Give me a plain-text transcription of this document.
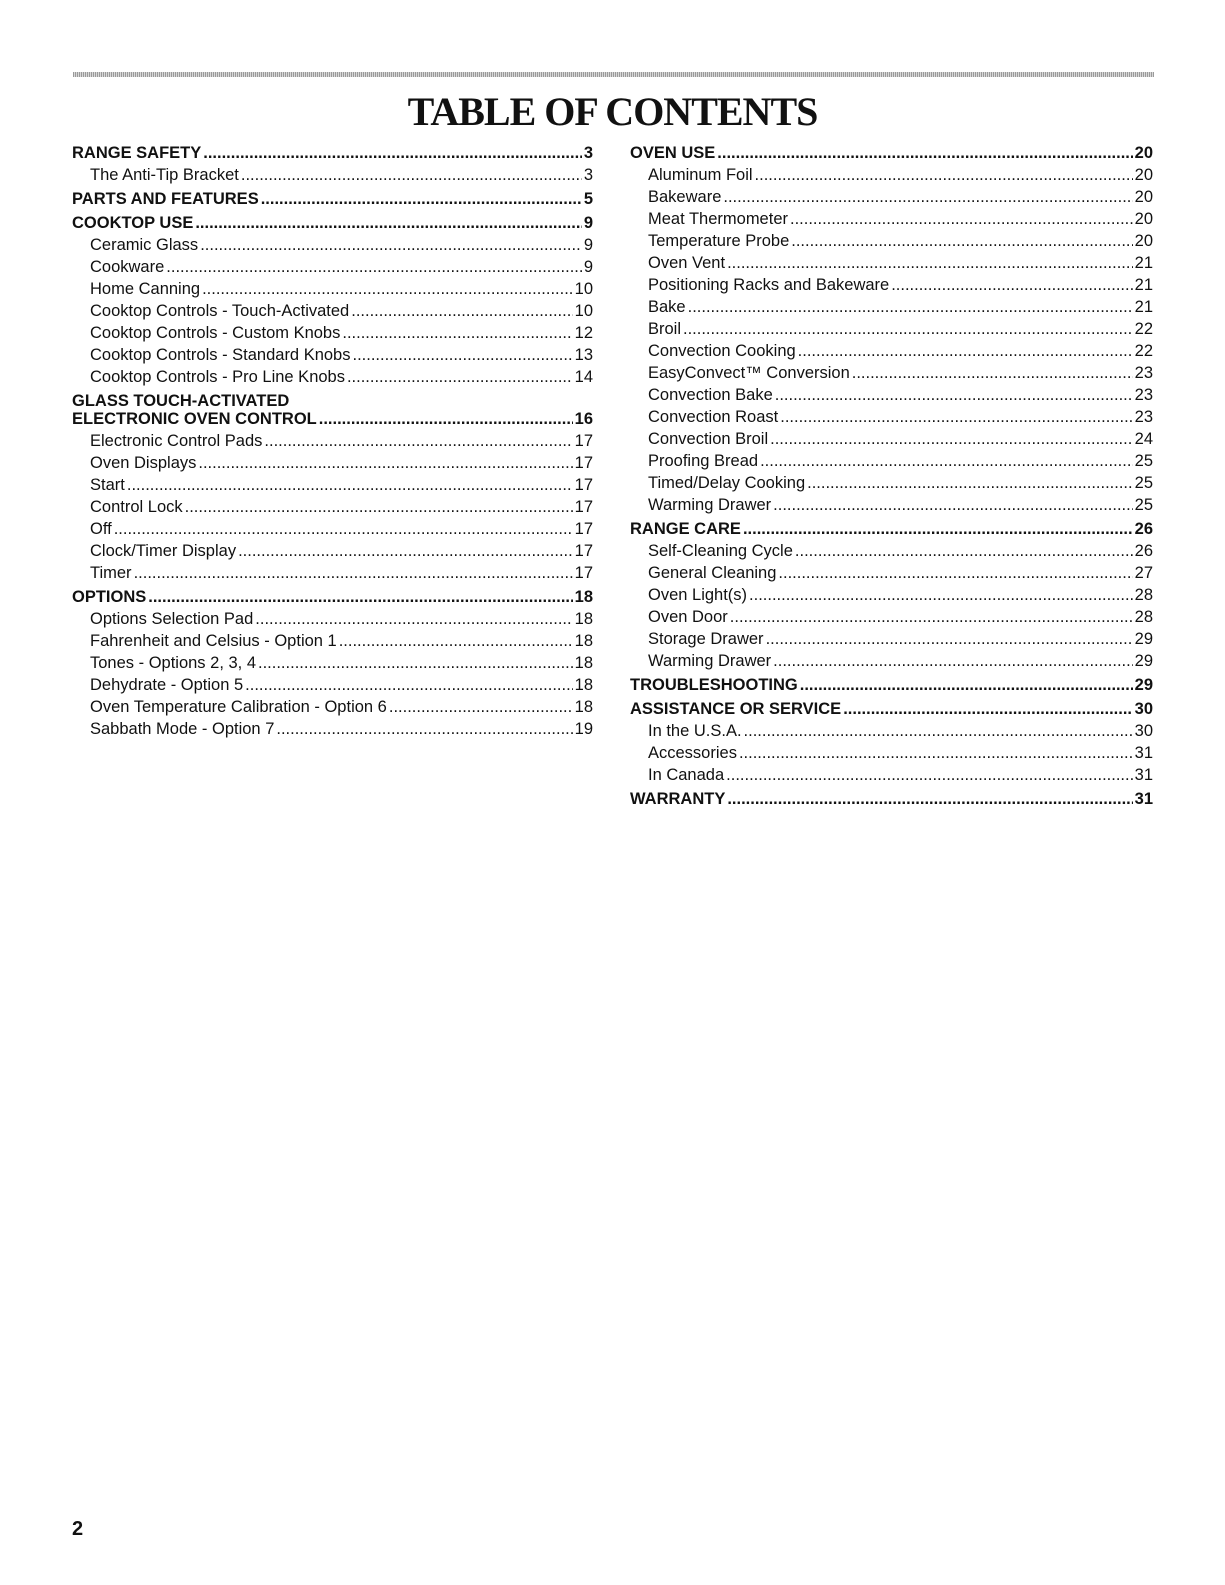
TABLE OF CONTENTS
RANGE SAFETY .....	3
The Anti-Tip Bracket .....	3
PARTS AND FEATURES .....	5
COOKTOP USE .....	9
Ceramic Glass .....	9
Cookware .....	9
Home Canning .....	10
Cooktop Controls - Touch-Activated .....	10
Cooktop Controls - Custom Knobs .....	12
Cooktop Controls - Standard Knobs .....	13
Cooktop Controls - Pro Line Knobs .....	14
GLASS TOUCH-ACTIVATED
ELECTRONIC OVEN CONTROL .....	16
Electronic Control Pads .....	17
Oven Displays .....	17
Start .....	17
Control Lock .....	17
Off .....	17
Clock/Timer Display .....	17
Timer .....	17
OPTIONS .....	18
Options Selection Pad .....	18
Fahrenheit and Celsius - Option 1 .....	18
Tones - Options 2, 3, 4 .....	18
Dehydrate - Option 5 .....	18
Oven Temperature Calibration - Option 6 .....	18
Sabbath Mode - Option 7 .....	19
OVEN USE .....	20
Aluminum Foil .....	20
Bakeware .....	20
Meat Thermometer .....	20
Temperature Probe .....	20
Oven Vent .....	21
Positioning Racks and Bakeware .....	21
Bake .....	21
Broil .....	22
Convection Cooking .....	22
EasyConvect™ Conversion .....	23
Convection Bake .....	23
Convection Roast .....	23
Convection Broil .....	24
Proofing Bread .....	25
Timed/Delay Cooking .....	25
Warming Drawer .....	25
RANGE CARE .....	26
Self-Cleaning Cycle .....	26
General Cleaning .....	27
Oven Light(s) .....	28
Oven Door .....	28
Storage Drawer .....	29
Warming Drawer .....	29
TROUBLESHOOTING .....	29
ASSISTANCE OR SERVICE .....	30
In the U.S.A. .....	30
Accessories .....	31
In Canada .....	31
WARRANTY .....	31
2
